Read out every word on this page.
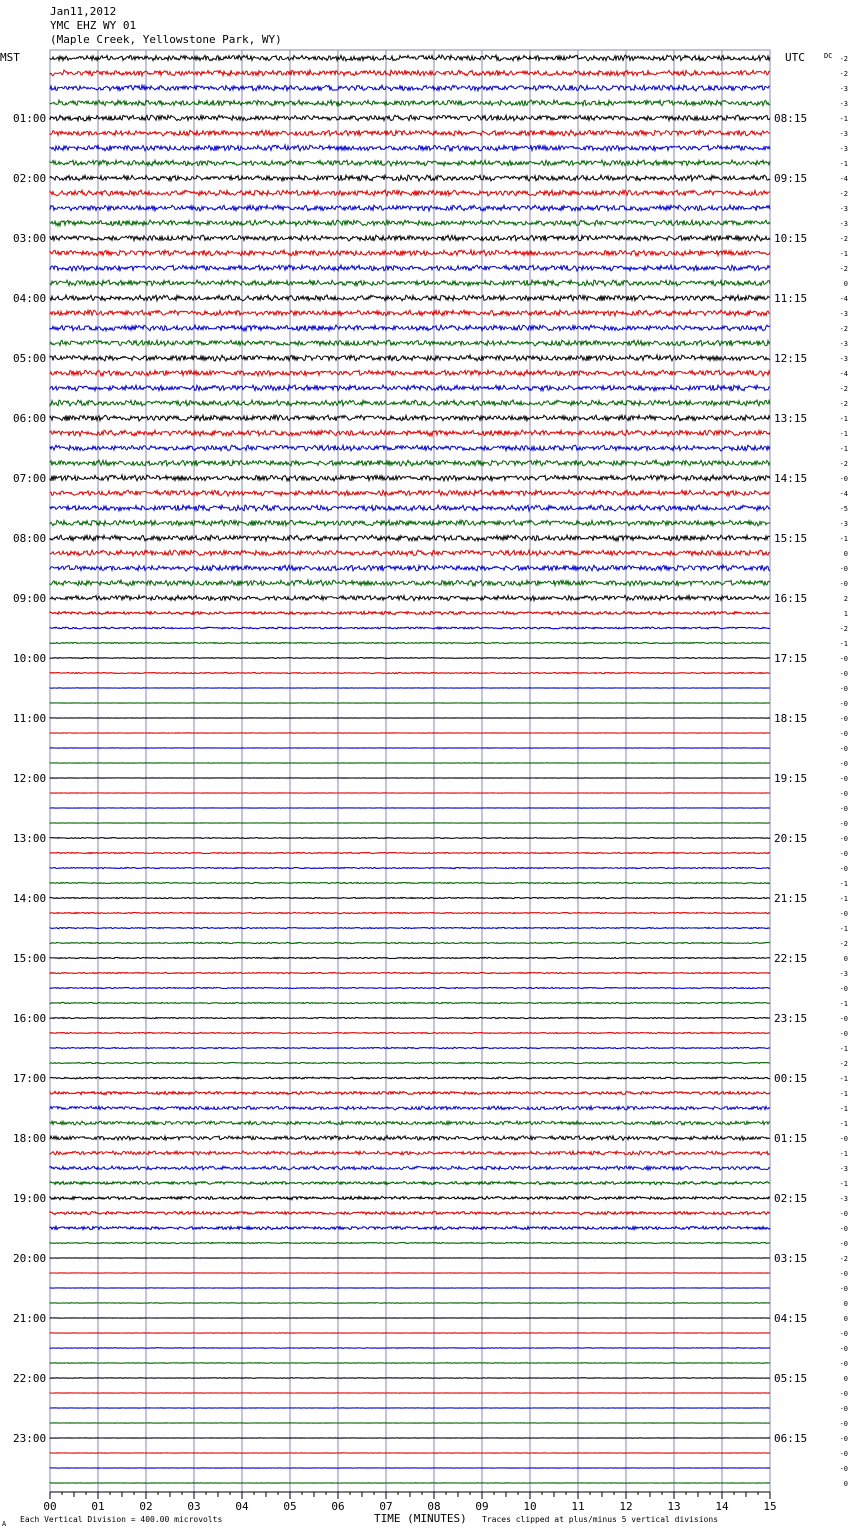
Jan11,2012
YMC EHZ WY 01
(Maple Creek, Yellowstone Park, WY)
01:00
02:00
03:00
04:00
05:00
06:00
07:00
08:00
09:00
10:00
11:00
12:00
13:00
14:00
15:00
16:00
17:00
18:00
19:00
20:00
21:00
22:00
23:00
08:15
09:15
10:15
11:15
12:15
13:15
14:15
15:15
16:15
17:15
18:15
19:15
20:15
21:15
22:15
23:15
00:15
01:15
02:15
03:15
04:15
05:15
06:15
-2
-2
-3
-3
-1
-3
-3
-1
-4
-2
-3
-3
-2
-1
-2
0
-4
-3
-2
-3
-3
-4
-2
-2
-1
-1
-1
-2
-0
-4
-5
-3
-1
0
-0
-0
2
1
-2
-1
-0
-0
-0
-0
-0
-0
-0
-0
-0
-0
-0
-0
-0
-0
-0
-1
-1
-0
-1
-2
0
-3
-0
-1
-0
-0
-1
-2
-1
-1
-1
-1
-0
-1
-3
-1
-3
-0
-0
-0
-2
-0
-0
0
0
-0
-0
-0
0
-0
-0
-0
-0
-0
-0
0
00	01	02	03	04	05	06	07	08	09	10	11	12	13	14	15
MST	UTC	DC
A Each Vertical Division = 400.00 microvolts	TIME (MINUTES) Traces clipped at plus/minus 5 vertical divisions
